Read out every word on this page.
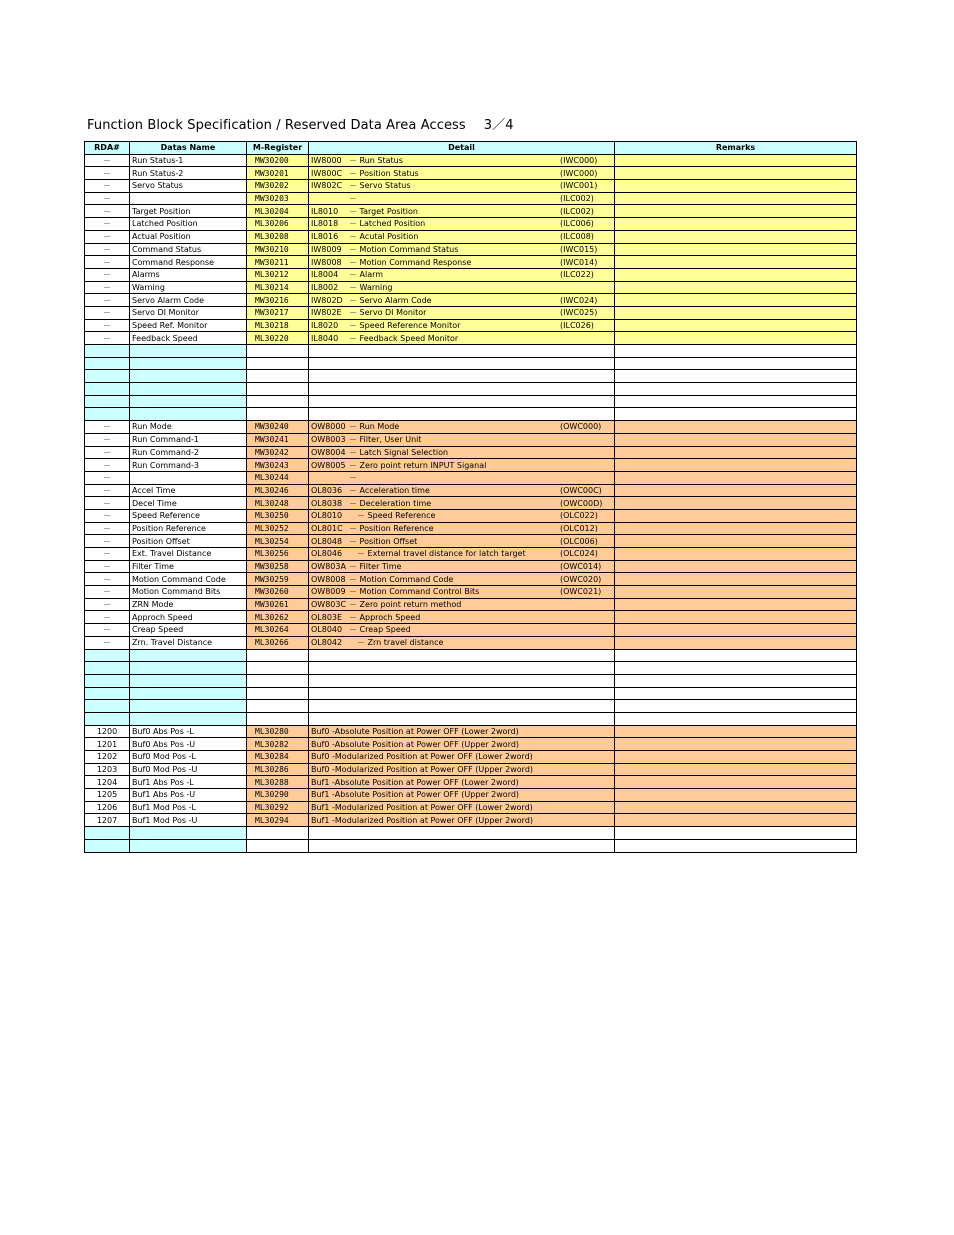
Function Block Specification / Reserved Data Area Access 3／4
RDA#	Datas Name	M-Register	Detail	Remarks
－	Run Status-1	MW30200	IW8000 － Run Status (IWC000)	

－	Run Status-2	MW30201	IW800C － Position Status (IWC000)	

－	Servo Status	MW30202	IW802C － Servo Status (IWC001)	

－		MW30203	－ (ILC002)	

－	Target Position	ML30204	IL8010 － Target Position (ILC002)	

－	Latched Position	ML30206	IL8018 － Latched Position (ILC006)	

－	Actual Position	ML30208	IL8016 － Acutal Position (ILC008)	

－	Command Status	MW30210	IW8009 － Motion Command Status (IWC015)	

－	Command Response	MW30211	IW8008 － Motion Command Response (IWC014)	

－	Alarms	ML30212	IL8004 － Alarm (ILC022)	

－	Warning	ML30214	IL8002 － Warning	

－	Servo Alarm Code	MW30216	IW802D － Servo Alarm Code (IWC024)	

－	Servo DI Monitor	MW30217	IW802E － Servo DI Monitor (IWC025)	

－	Speed Ref. Monitor	ML30218	IL8020 － Speed Reference Monitor (ILC026)	

－	Feedback Speed	ML30220	IL8040 － Feedback Speed Monitor	

－	Run Mode	MW30240	OW8000 － Run Mode (OWC000)	

－	Run Command-1	MW30241	OW8003 － Filter, User Unit	

－	Run Command-2	MW30242	OW8004 － Latch Signal Selection	

－	Run Command-3	MW30243	OW8005 － Zero point return INPUT Siganal	

－		ML30244	－	

－	Accel Time	ML30246	OL8036 － Acceleration time (OWC00C)	

－	Decel Time	ML30248	OL8038 － Deceleration time (OWC00D)	

－	Speed Reference	ML30250	OL8010 　－ Speed Reference (OLC022)	

－	Position Reference	ML30252	OL801C － Position Reference (OLC012)	

－	Position Offset	ML30254	OL8048 － Position Offset (OLC006)	

－	Ext. Travel Distance	ML30256	OL8046 　－ External travel distance for latch target (OLC024)	

－	Filter Time	MW30258	OW803A － Filter Time (OWC014)	

－	Motion Command Code	MW30259	OW8008 － Motion Command Code (OWC020)	

－	Motion Command Bits	MW30260	OW8009 － Motion Command Control Bits (OWC021)	

－	ZRN Mode	MW30261	OW803C － Zero point return method	

－	Approch Speed	ML30262	OL803E － Approch Speed	

－	Creap Speed	ML30264	OL8040 － Creap Speed	

－	Zrn. Travel Distance	ML30266	OL8042 　－ Zrn travel distance	

1200	Buf0 Abs Pos -L	ML30280	Buf0 -Absolute Position at Power OFF (Lower 2word)	

1201	Buf0 Abs Pos -U	ML30282	Buf0 -Absolute Position at Power OFF (Upper 2word)	

1202	Buf0 Mod Pos -L	ML30284	Buf0 -Modularized Position at Power OFF (Lower 2word)	

1203	Buf0 Mod Pos -U	ML30286	Buf0 -Modularized Position at Power OFF (Upper 2word)	

1204	Buf1 Abs Pos -L	ML30288	Buf1 -Absolute Position at Power OFF (Lower 2word)	

1205	Buf1 Abs Pos -U	ML30290	Buf1 -Absolute Position at Power OFF (Upper 2word)	

1206	Buf1 Mod Pos -L	ML30292	Buf1 -Modularized Position at Power OFF (Lower 2word)	

1207	Buf1 Mod Pos -U	ML30294	Buf1 -Modularized Position at Power OFF (Upper 2word)	
